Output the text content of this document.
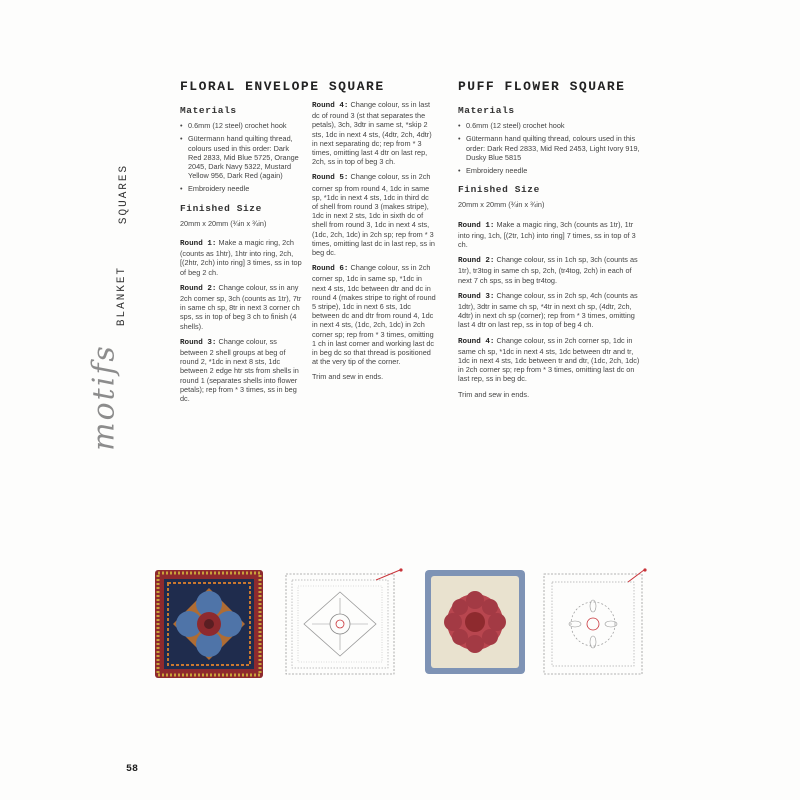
SQUARES
BLANKET
motifs
FLORAL ENVELOPE SQUARE
Materials
• 0.6mm (12 steel) crochet hook
• Gütermann hand quilting thread, colours used in this order: Dark Red 2833, Mid Blue 5725, Orange 2045, Dark Navy 5322, Mustard Yellow 956, Dark Red (again)
• Embroidery needle
Finished Size
20mm x 20mm (¾in x ¾in)
Round 1: Make a magic ring, 2ch (counts as 1htr), 1htr into ring, 2ch, [(2htr, 2ch) into ring] 3 times, ss in top of beg 2 ch.
Round 2: Change colour, ss in any 2ch corner sp, 3ch (counts as 1tr), 7tr in same ch sp, 8tr in next 3 corner ch sps, ss in top of beg 3 ch to finish (4 shells).
Round 3: Change colour, ss between 2 shell groups at beg of round 2, *1dc in next 8 sts, 1dc between 2 edge htr sts from shells in round 1 (separates shells into flower petals); rep from * 3 times, ss in beg dc.
Round 4: Change colour, ss in last dc of round 3 (st that separates the petals), 3ch, 3dtr in same st, *skip 2 sts, 1dc in next 4 sts, (4dtr, 2ch, 4dtr) in next separating dc; rep from * 3 times, omitting last 4 dtr on last rep, 2ch, ss in top of beg 3 ch.
Round 5: Change colour, ss in 2ch corner sp from round 4, 1dc in same sp, *1dc in next 4 sts, 1dc in third dc of shell from round 3 (makes stripe), 1dc in next 2 sts, 1dc in sixth dc of shell from round 3, 1dc in next 4 sts, (1dc, 2ch, 1dc) in 2ch sp; rep from * 3 times, omitting last dc in last rep, ss in beg dc.
Round 6: Change colour, ss in 2ch corner sp, 1dc in same sp, *1dc in next 4 sts, 1dc between dtr and dc in round 4 (makes stripe to right of round 5 stripe), 1dc in next 6 sts, 1dc between dc and dtr from round 4, 1dc in next 4 sts, (1dc, 2ch, 1dc) in 2ch corner sp; rep from * 3 times, omitting 1 ch in last corner and working last dc in beg dc so that thread is positioned at the very tip of the corner.
Trim and sew in ends.
PUFF FLOWER SQUARE
Materials
• 0.6mm (12 steel) crochet hook
• Gütermann hand quilting thread, colours used in this order: Dark Red 2833, Mid Red 2453, Light Ivory 919, Dusky Blue 5815
• Embroidery needle
Finished Size
20mm x 20mm (¾in x ¾in)
Round 1: Make a magic ring, 3ch (counts as 1tr), 1tr into ring, 1ch, [(2tr, 1ch) into ring] 7 times, ss in top of 3 ch.
Round 2: Change colour, ss in 1ch sp, 3ch (counts as 1tr), tr3tog in same ch sp, 2ch, (tr4tog, 2ch) in each of next 7 ch sps, ss in beg tr4tog.
Round 3: Change colour, ss in 2ch sp, 4ch (counts as 1dtr), 3dtr in same ch sp, *4tr in next ch sp, (4dtr, 2ch, 4dtr) in next ch sp (corner); rep from * 3 times, omitting last 4 dtr on last rep, ss in top of beg 4 ch.
Round 4: Change colour, ss in 2ch corner sp, 1dc in same ch sp, *1dc in next 4 sts, 1dc between dtr and tr, 1dc in next 4 sts, 1dc between tr and dtr, (1dc, 2ch, 1dc) in 2ch corner sp; rep from * 3 times, omitting last dc on last rep, ss in beg dc.
Trim and sew in ends.
58
